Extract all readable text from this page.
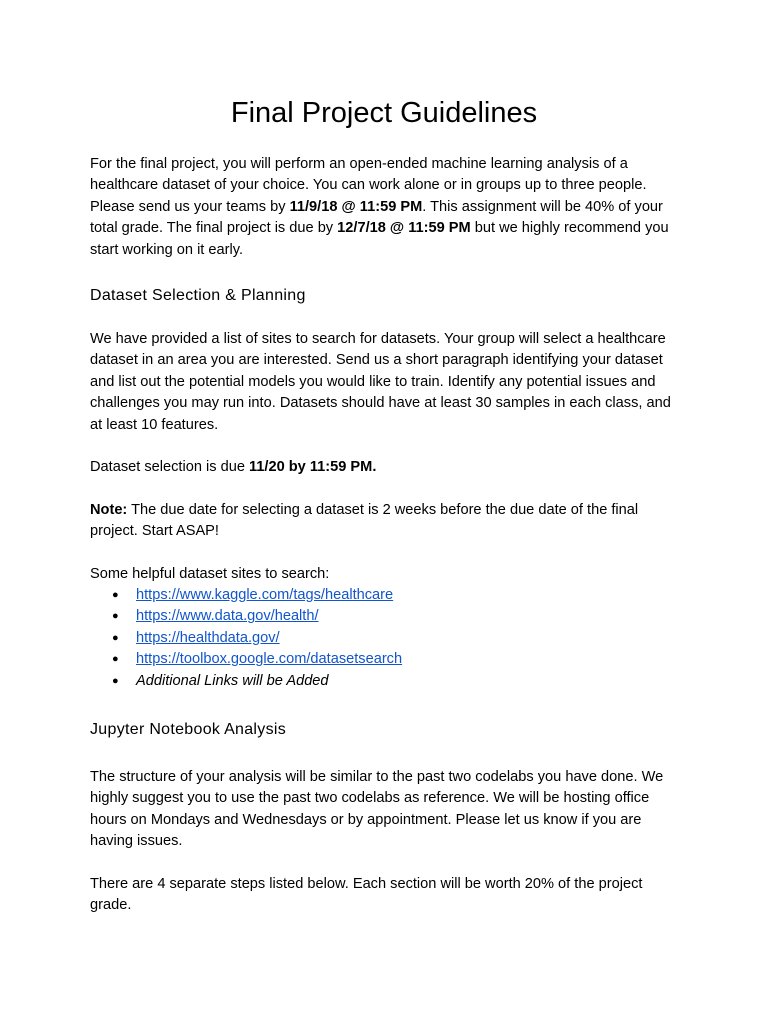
Final Project Guidelines

For the final project, you will perform an open-ended machine learning analysis of a healthcare dataset of your choice. You can work alone or in groups up to three people. Please send us your teams by 11/9/18 @ 11:59 PM. This assignment will be 40% of your total grade. The final project is due by 12/7/18 @ 11:59 PM but we highly recommend you start working on it early.

Dataset Selection & Planning

We have provided a list of sites to search for datasets. Your group will select a healthcare dataset in an area you are interested. Send us a short paragraph identifying your dataset and list out the potential models you would like to train. Identify any potential issues and challenges you may run into. Datasets should have at least 30 samples in each class, and at least 10 features.

Dataset selection is due 11/20 by 11:59 PM.

Note: The due date for selecting a dataset is 2 weeks before the due date of the final project. Start ASAP!

Some helpful dataset sites to search:

● https://www.kaggle.com/tags/healthcare
● https://www.data.gov/health/
● https://healthdata.gov/
● https://toolbox.google.com/datasetsearch
● Additional Links will be Added
Jupyter Notebook Analysis

The structure of your analysis will be similar to the past two codelabs you have done. We highly suggest you to use the past two codelabs as reference. We will be hosting office hours on Mondays and Wednesdays or by appointment. Please let us know if you are having issues.

There are 4 separate steps listed below. Each section will be worth 20% of the project grade.
